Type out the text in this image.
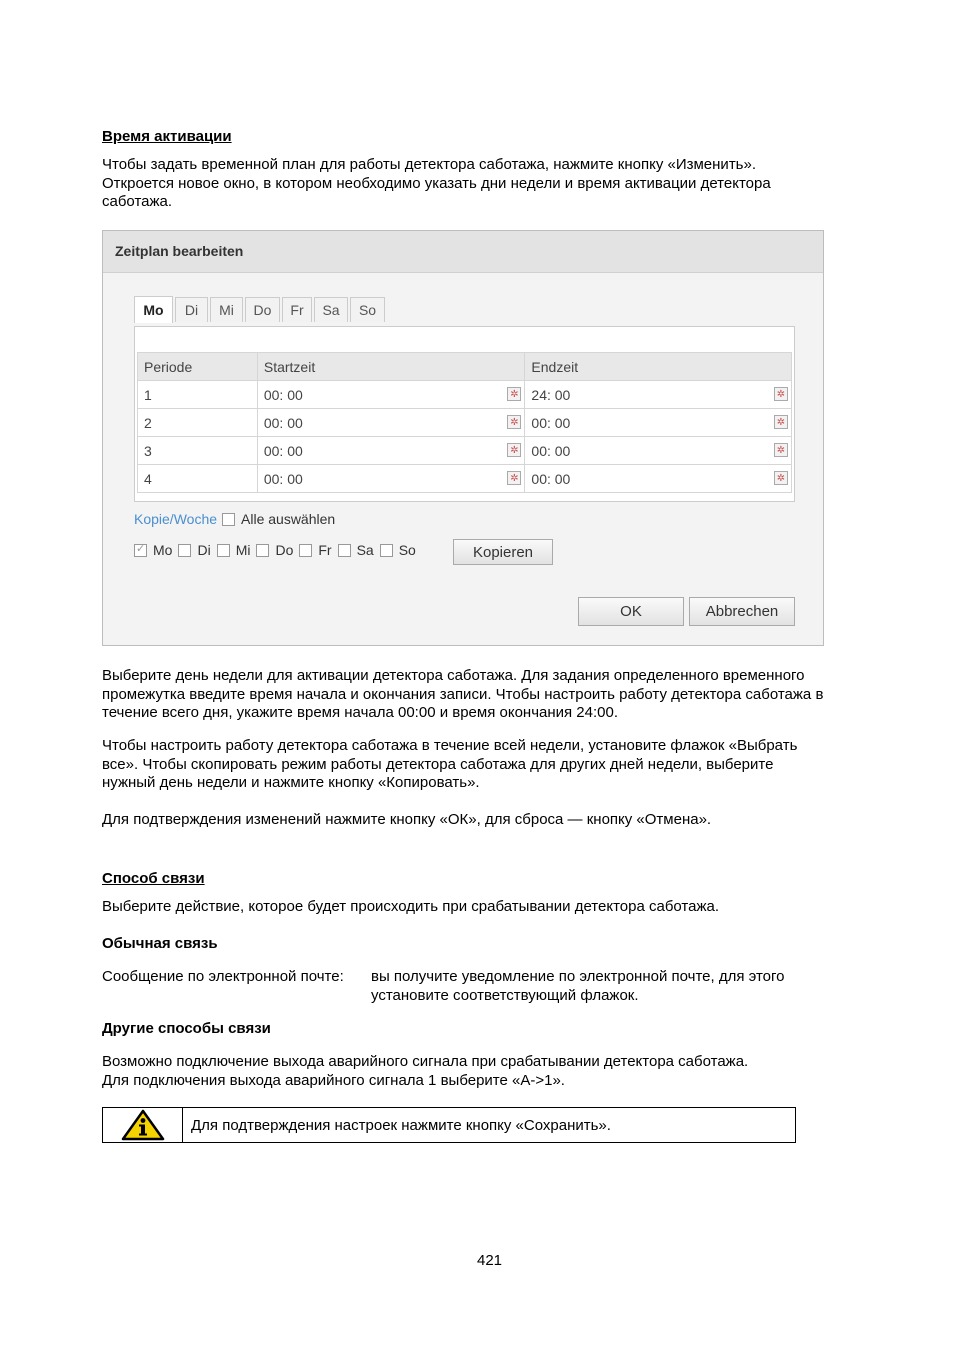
Время активации
Чтобы задать временной план для работы детектора саботажа, нажмите кнопку «Изменить».
Откроется новое окно, в котором необходимо указать дни недели и время активации детектора
саботажа.
Zeitplan bearbeiten
Mo	Di	Mi	Do	Fr	Sa	So
Periode	Startzeit	Endzeit
1	00: 00 ✲	24: 00 ✲

2	00: 00 ✲	00: 00 ✲

3	00: 00 ✲	00: 00 ✲

4	00: 00 ✲	00: 00 ✲
Kopie/Woche Alle auswählen
✓
Mo Di Mi Do Fr Sa So	Kopieren
OK	Abbrechen
Выберите день недели для активации детектора саботажа. Для задания определенного временного
промежутка введите время начала и окончания записи. Чтобы настроить работу детектора саботажа в
течение всего дня, укажите время начала 00:00 и время окончания 24:00.
Чтобы настроить работу детектора саботажа в течение всей недели, установите флажок «Выбрать
все». Чтобы скопировать режим работы детектора саботажа для других дней недели, выберите
нужный день недели и нажмите кнопку «Копировать».
Для подтверждения изменений нажмите кнопку «ОК», для сброса — кнопку «Отмена».
Способ связи
Выберите действие, которое будет происходить при срабатывании детектора саботажа.
Обычная связь
Сообщение по электронной почте: вы получите уведомление по электронной почте, для этого
установите соответствующий флажок.
Другие способы связи
Возможно подключение выхода аварийного сигнала при срабатывании детектора саботажа.
Для подключения выхода аварийного сигнала 1 выберите «A->1».
Для подтверждения настроек нажмите кнопку «Сохранить».
421
